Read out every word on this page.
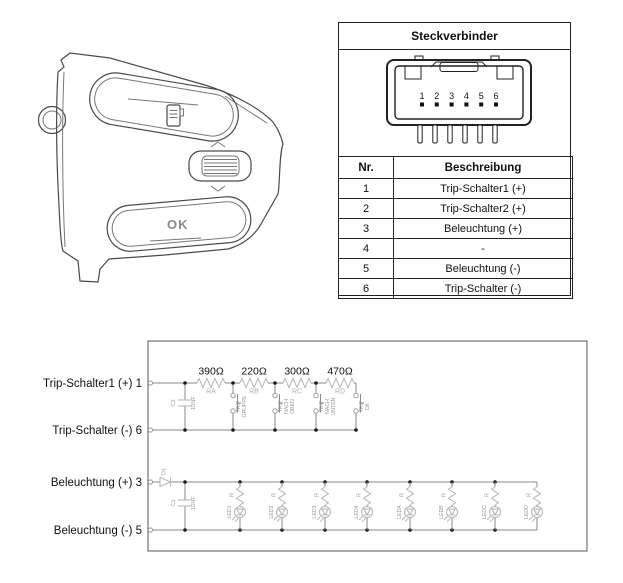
OK
Steckverbinder
1 2 3 4 5 6
Nr.	Beschreibung
1	Trip-Schalter1 (+)
2	Trip-Schalter2 (+)
3	Beleuchtung (+)
4	-
5	Beleuchtung (-)
6	Trip-Schalter (-)
Trip-Schalter1 (+) 1
Trip-Schalter (-) 6
Beleuchtung (+) 3
Beleuchtung (-) 5
C2	10NF
390Ω 220Ω 300Ω 470Ω
RA	RB	RC	RD
TRIP GRUPPE	TRIP NACH OBEN	TRIP NACH UNTEN	TRIP OK
D1
C1	10NF
R
LED1
R
LED2
R
LED3
R
LED4
R
LEDA
R
LEDB
R
LEDC
R
LEDD
